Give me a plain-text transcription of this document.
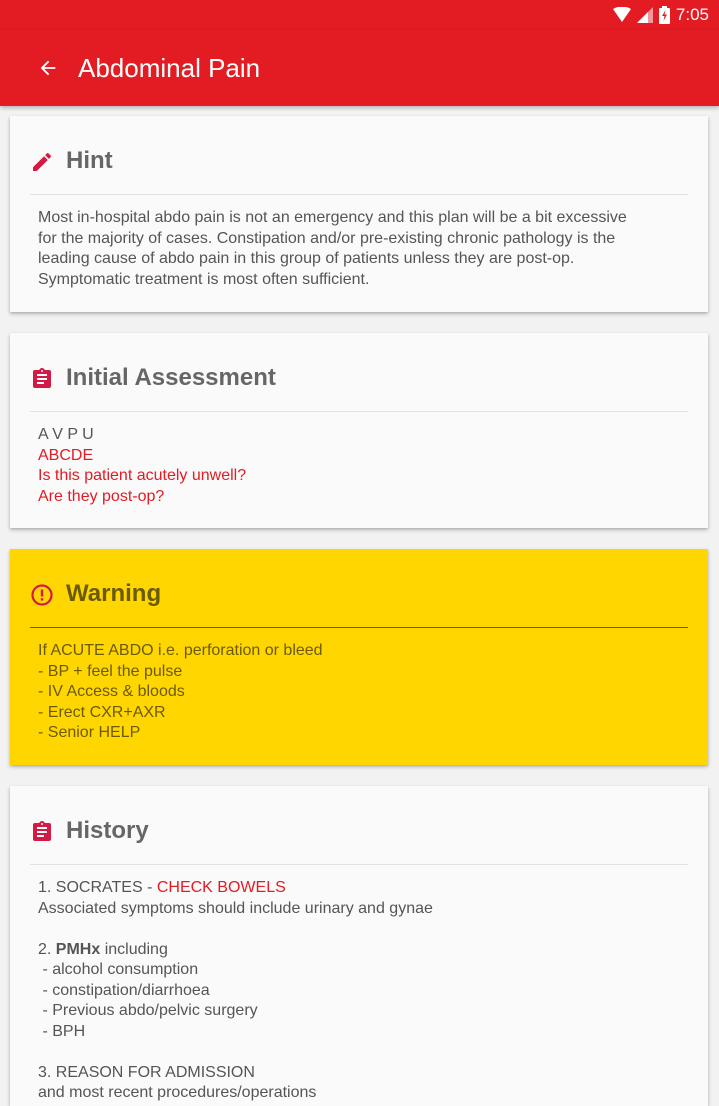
7:05
Abdominal Pain
Hint
Most in-hospital abdo pain is not an emergency and this plan will be a bit excessive
for the majority of cases. Constipation and/or pre-existing chronic pathology is the
leading cause of abdo pain in this group of patients unless they are post-op.
Symptomatic treatment is most often sufficient.
Initial Assessment
A V P U
ABCDE
Is this patient acutely unwell?
Are they post-op?
Warning
If ACUTE ABDO i.e. perforation or bleed
- BP + feel the pulse
- IV Access & bloods
- Erect CXR+AXR
- Senior HELP
History
1. SOCRATES - CHECK BOWELS
Associated symptoms should include urinary and gynae
2. PMHx including
- alcohol consumption
- constipation/diarrhoea
- Previous abdo/pelvic surgery
- BPH
3. REASON FOR ADMISSION
and most recent procedures/operations
